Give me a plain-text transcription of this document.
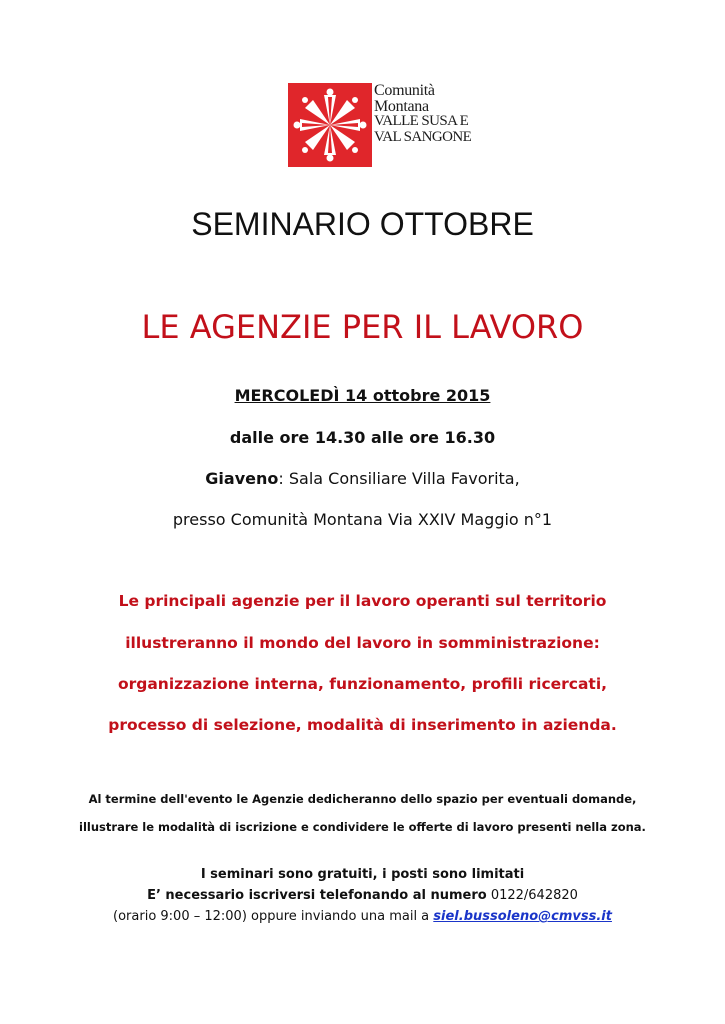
Comunità
Montana
VALLE SUSA E
VAL SANGONE
SEMINARIO OTTOBRE
LE AGENZIE PER IL LAVORO
MERCOLEDÌ 14 ottobre 2015
dalle ore 14.30 alle ore 16.30
Giaveno: Sala Consiliare Villa Favorita,
presso Comunità Montana Via XXIV Maggio n°1
Le principali agenzie per il lavoro operanti sul territorio
illustreranno il mondo del lavoro in somministrazione:
organizzazione interna, funzionamento, profili ricercati,
processo di selezione, modalità di inserimento in azienda.
Al termine dell'evento le Agenzie dedicheranno dello spazio per eventuali domande,
illustrare le modalità di iscrizione e condividere le offerte di lavoro presenti nella zona.
I seminari sono gratuiti, i posti sono limitati
E’ necessario iscriversi telefonando al numero 0122/642820
(orario 9:00 – 12:00) oppure inviando una mail a siel.bussoleno@cmvss.it
